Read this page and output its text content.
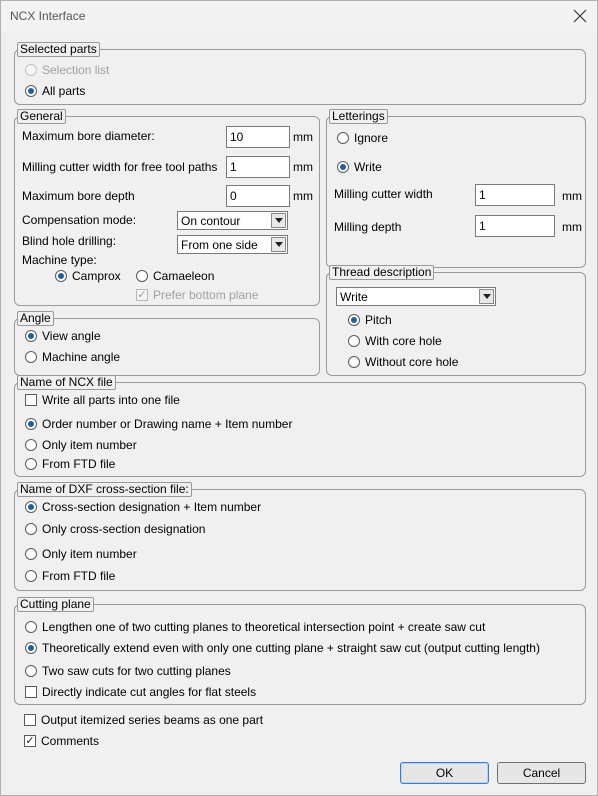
NCX Interface
Selected parts
Selection list
All parts
General
Maximum bore diameter:
10	mm
Milling cutter width for free tool paths
1	mm
Maximum bore depth
0	mm
Compensation mode:	On contour
Blind hole drilling:	From one side
Machine type:
Camprox	Camaeleon
✓ Prefer bottom plane
Letterings
Ignore
Write
Milling cutter width
1	mm
Milling depth
1	mm
Thread description
Write
Pitch
With core hole
Without core hole
Angle
View angle
Machine angle
Name of NCX file
Write all parts into one file
Order number or Drawing name + Item number
Only item number
From FTD file
Name of DXF cross-section file:
Cross-section designation + Item number
Only cross-section designation
Only item number
From FTD file
Cutting plane
Lengthen one of two cutting planes to theoretical intersection point + create saw cut
Theoretically extend even with only one cutting plane + straight saw cut (output cutting length)
Two saw cuts for two cutting planes
Directly indicate cut angles for flat steels
Output itemized series beams as one part
✓ Comments
OK	Cancel
